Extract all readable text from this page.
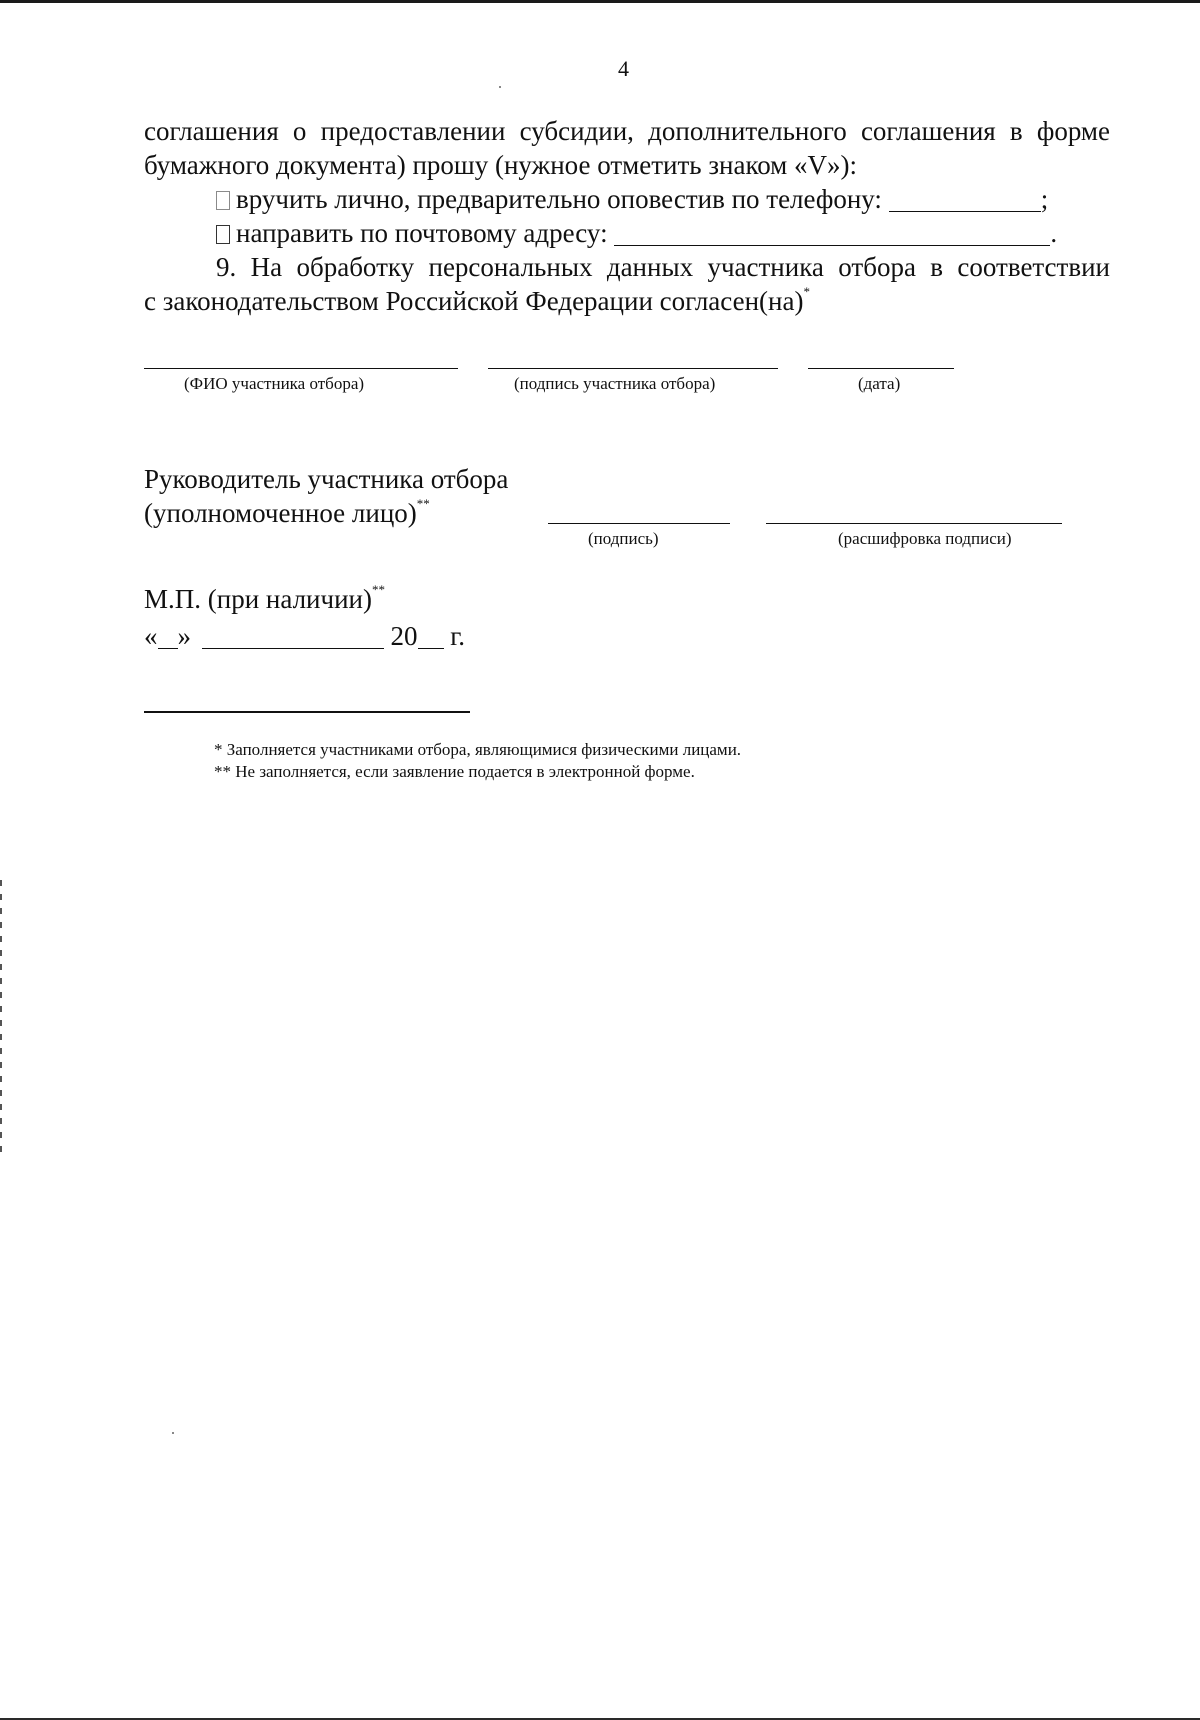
4
соглашения о предоставлении субсидии, дополнительного соглашения в форме
бумажного документа) прошу (нужное отметить знаком «V»):
вручить лично, предварительно оповестив по телефону:	;
направить по почтовому адресу:	.
9. На обработку персональных данных участника отбора в соответствии
с законодательством Российской Федерации согласен(на)*
(ФИО участника отбора)	(подпись участника отбора)	(дата)
Руководитель участника отбора
(уполномоченное лицо)**
(подпись)	(расшифровка подписи)
М.П. (при наличии)**
« »	20 г.
* Заполняется участниками отбора, являющимися физическими лицами.
** Не заполняется, если заявление подается в электронной форме.
